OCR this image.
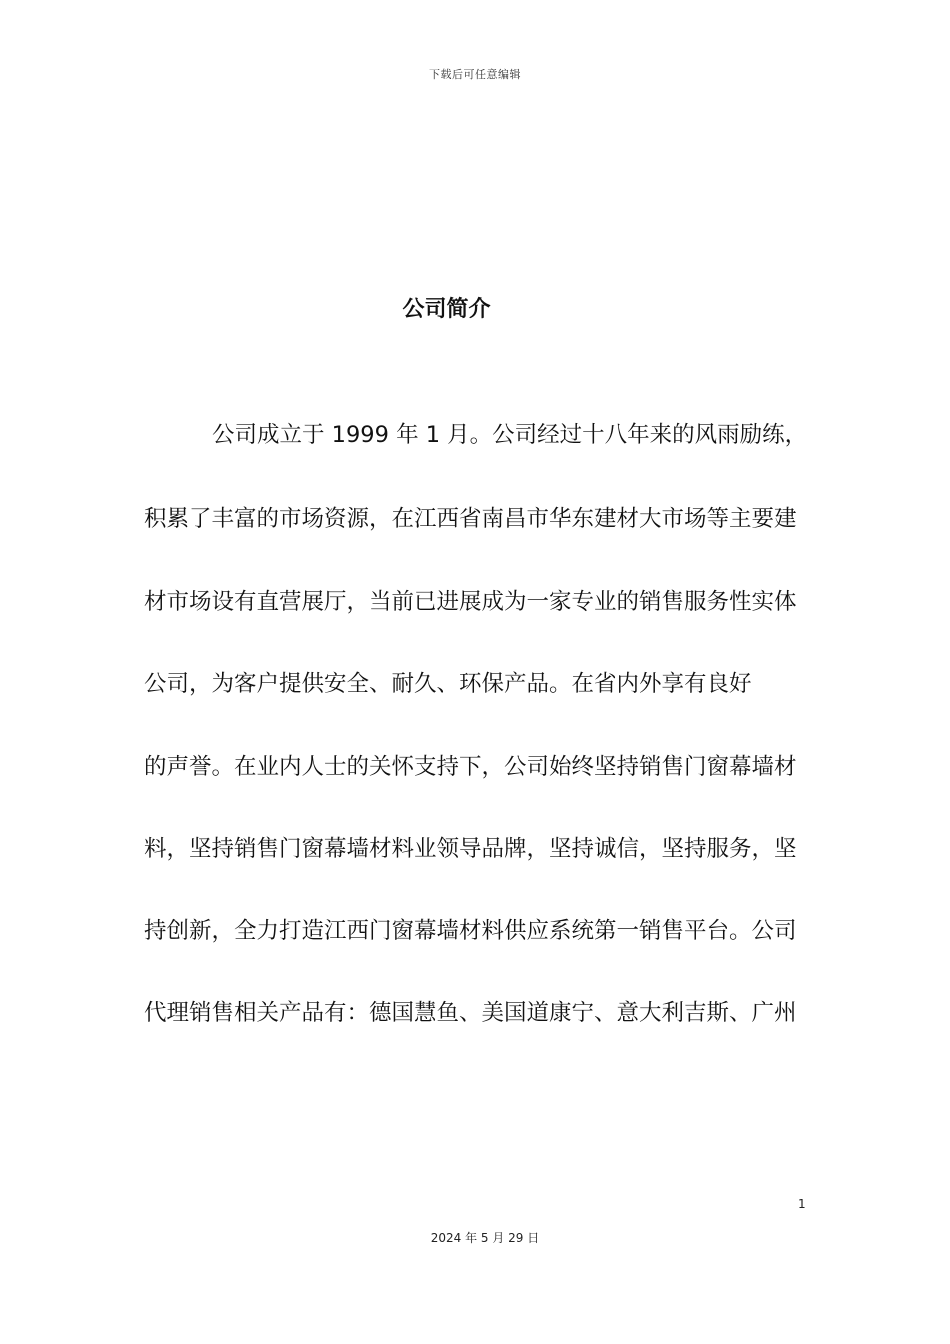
下载后可任意编辑
公司简介
公司成立于 1999 年 1 月。公司经过十八年来的风雨励练，
积累了丰富的市场资源，在江西省南昌市华东建材大市场等主要建
材市场设有直营展厅，当前已进展成为一家专业的销售服务性实体
公司，为客户提供安全、耐久、环保产品。在省内外享有良好
的声誉。在业内人士的关怀支持下，公司始终坚持销售门窗幕墙材
料，坚持销售门窗幕墙材料业领导品牌，坚持诚信，坚持服务，坚
持创新，全力打造江西门窗幕墙材料供应系统第一销售平台。公司
代理销售相关产品有：德国慧鱼、美国道康宁、意大利吉斯、广州
1
2024 年 5 月 29 日
